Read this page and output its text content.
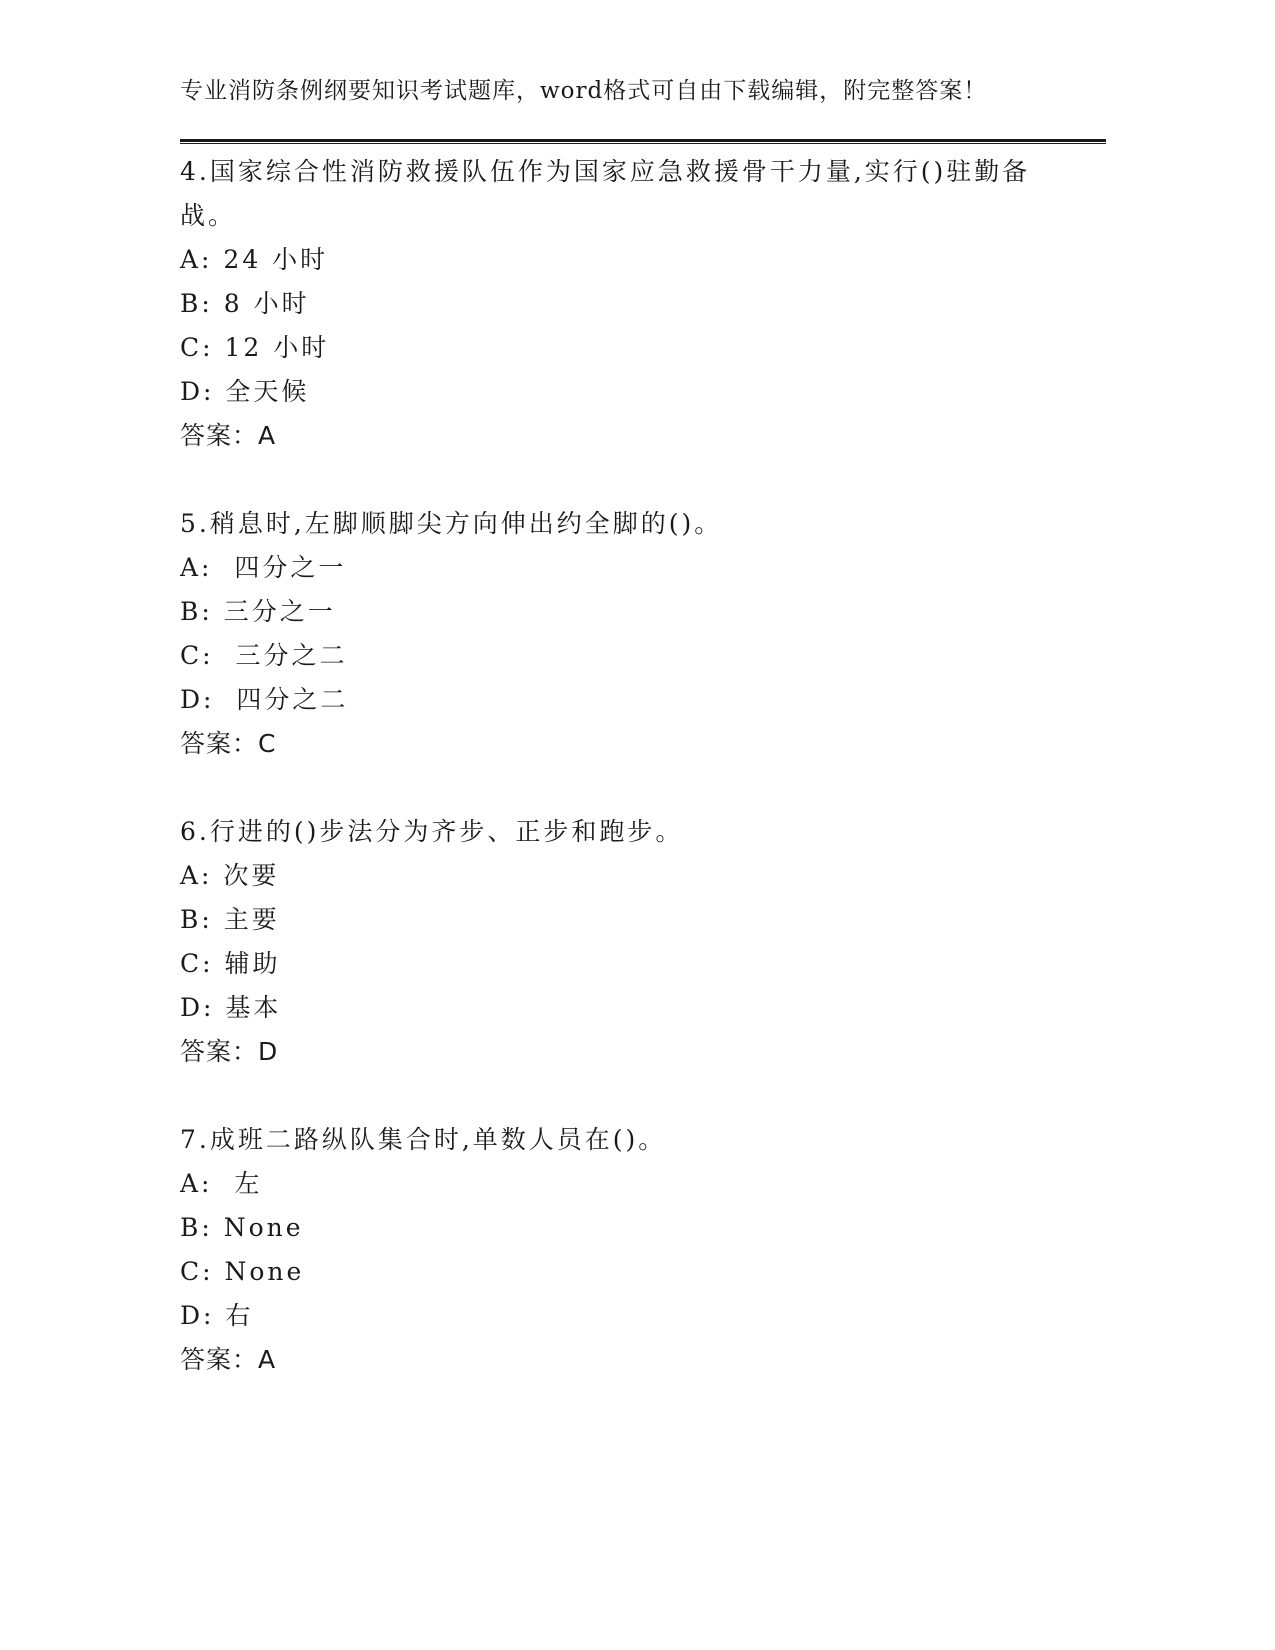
专业消防条例纲要知识考试题库，word格式可自由下载编辑，附完整答案！
4.国家综合性消防救援队伍作为国家应急救援骨干力量,实行()驻勤备战。
A: 24 小时
B: 8 小时
C: 12 小时
D: 全天候
答案：A
5.稍息时,左脚顺脚尖方向伸出约全脚的()。
A:  四分之一
B: 三分之一
C:  三分之二
D:  四分之二
答案：C
6.行进的()步法分为齐步、正步和跑步。
A: 次要
B: 主要
C: 辅助
D: 基本
答案：D
7.成班二路纵队集合时,单数人员在()。
A:  左
B: None
C: None
D: 右
答案：A
